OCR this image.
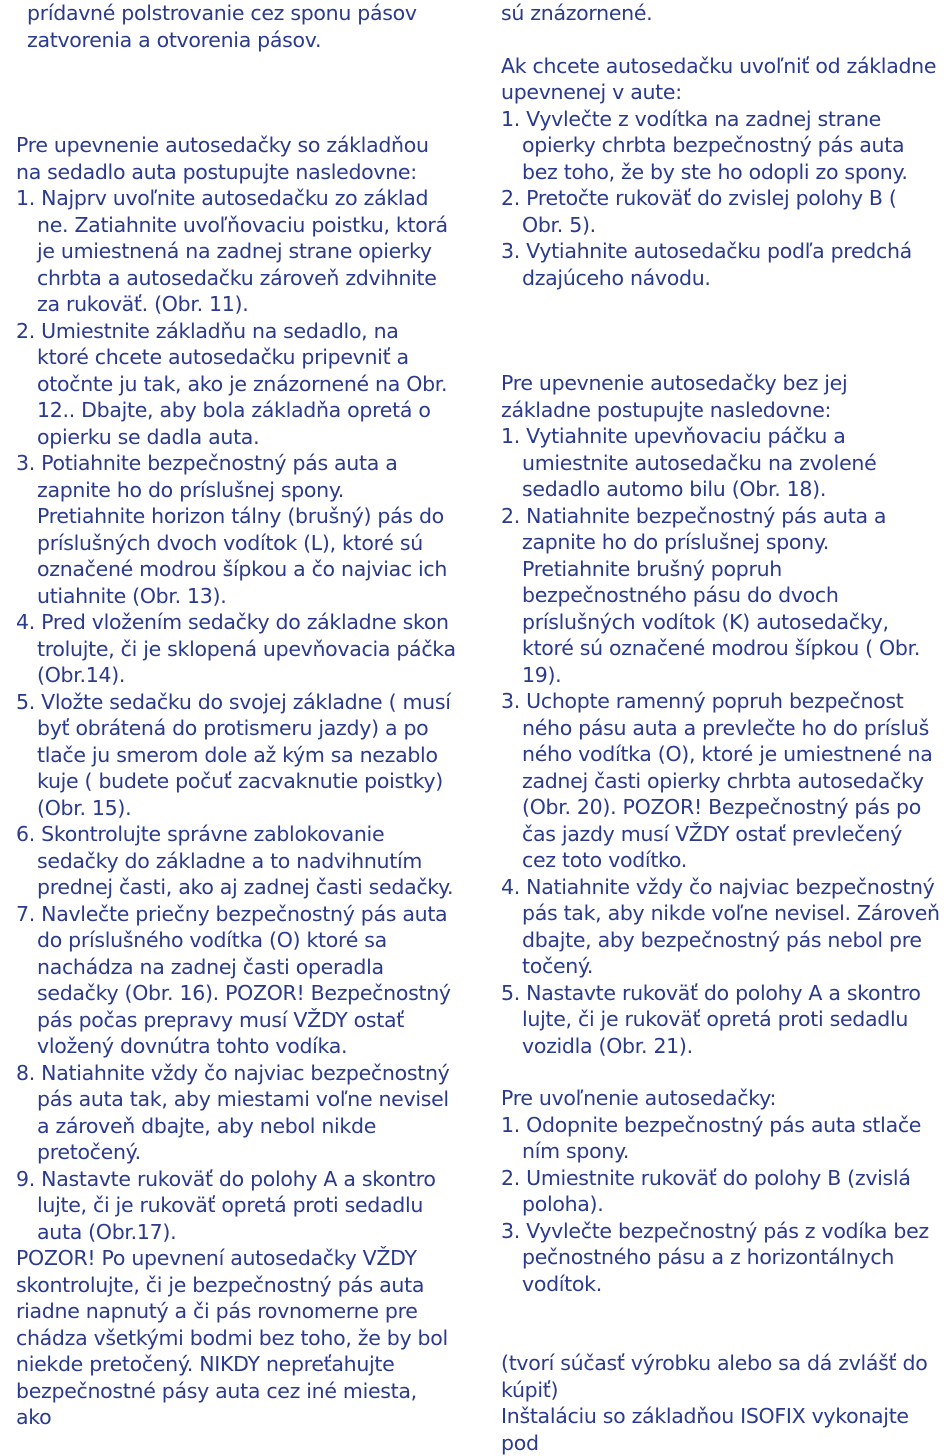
prídavné polstrovanie cez sponu pásov zatvorenia a otvorenia pásov.

Pre upevnenie autosedačky so základňou na sedadlo auta postupujte nasledovne:

1. Najprv uvoľnite autosedačku zo základ ne. Zatiahnite uvoľňovaciu poistku, ktorá je umiestnená na zadnej strane opierky chrbta a autosedačku zároveň zdvihnite za rukoväť. (Obr. 11).
2. Umiestnite základňu na sedadlo, na ktoré chcete autosedačku pripevniť a otočnte ju tak, ako je znázornené na Obr. 12.. Dbajte, aby bola základňa opretá o opierku se dadla auta.
3. Potiahnite bezpečnostný pás auta a zapnite ho do príslušnej spony. Pretiahnite horizon tálny (brušný) pás do príslušných dvoch vodítok (L), ktoré sú označené modrou šípkou a čo najviac ich utiahnite (Obr. 13).
4. Pred vložením sedačky do základne skon trolujte, či je sklopená upevňovacia páčka (Obr.14).
5. Vložte sedačku do svojej základne ( musí byť obrátená do protismeru jazdy) a po tlače ju smerom dole až kým sa nezablo kuje ( budete počuť zacvaknutie poistky) (Obr. 15).
6. Skontrolujte správne zablokovanie sedačky do základne a to nadvihnutím prednej časti, ako aj zadnej časti sedačky.
7. Navlečte priečny bezpečnostný pás auta do príslušného vodítka (O) ktoré sa nachádza na zadnej časti operadla sedačky (Obr. 16). POZOR! Bezpečnostný pás počas prepravy musí VŽDY ostať vložený dovnútra tohto vodíka.
8. Natiahnite vždy čo najviac bezpečnostný pás auta tak, aby miestami voľne nevisel a zároveň dbajte, aby nebol nikde pretočený.
9. Nastavte rukoväť do polohy A a skontro lujte, či je rukoväť opretá proti sedadlu auta (Obr.17).

POZOR! Po upevnení autosedačky VŽDY skontrolujte, či je bezpečnostný pás auta riadne napnutý a či pás rovnomerne pre chádza všetkými bodmi bez toho, že by bol niekde pretočený. NIKDY nepreťahujte bezpečnostné pásy auta cez iné miesta, ako

sú znázornené.

Ak chcete autosedačku uvoľniť od základne upevnenej v aute:

1. Vyvlečte z vodítka na zadnej strane opierky chrbta bezpečnostný pás auta bez toho, že by ste ho odopli zo spony.
2. Pretočte rukoväť do zvislej polohy B ( Obr. 5).
3. Vytiahnite autosedačku podľa predchá dzajúceho návodu.

Pre upevnenie autosedačky bez jej základne postupujte nasledovne:

1. Vytiahnite upevňovaciu páčku a umiestnite autosedačku na zvolené sedadlo automo bilu (Obr. 18).
2. Natiahnite bezpečnostný pás auta a zapnite ho do príslušnej spony. Pretiahnite brušný popruh bezpečnostného pásu do dvoch príslušných vodítok (K) autosedačky, ktoré sú označené modrou šípkou ( Obr. 19).
3. Uchopte ramenný popruh bezpečnost ného pásu auta a prevlečte ho do prísluš ného vodítka (O), ktoré je umiestnené na zadnej časti opierky chrbta autosedačky (Obr. 20). POZOR! Bezpečnostný pás po čas jazdy musí VŽDY ostať prevlečený cez toto vodítko.
4. Natiahnite vždy čo najviac bezpečnostný pás tak, aby nikde voľne nevisel. Zároveň dbajte, aby bezpečnostný pás nebol pre točený.
5. Nastavte rukoväť do polohy A a skontro lujte, či je rukoväť opretá proti sedadlu vozidla (Obr. 21).

Pre uvoľnenie autosedačky:

1. Odopnite bezpečnostný pás auta stlače ním spony.
2. Umiestnite rukoväť do polohy B (zvislá poloha).
3. Vyvlečte bezpečnostný pás z vodíka bez pečnostného pásu a z horizontálnych vodítok.

(tvorí súčasť výrobku alebo sa dá zvlášť do kúpiť)

Inštaláciu so základňou ISOFIX vykonajte pod
